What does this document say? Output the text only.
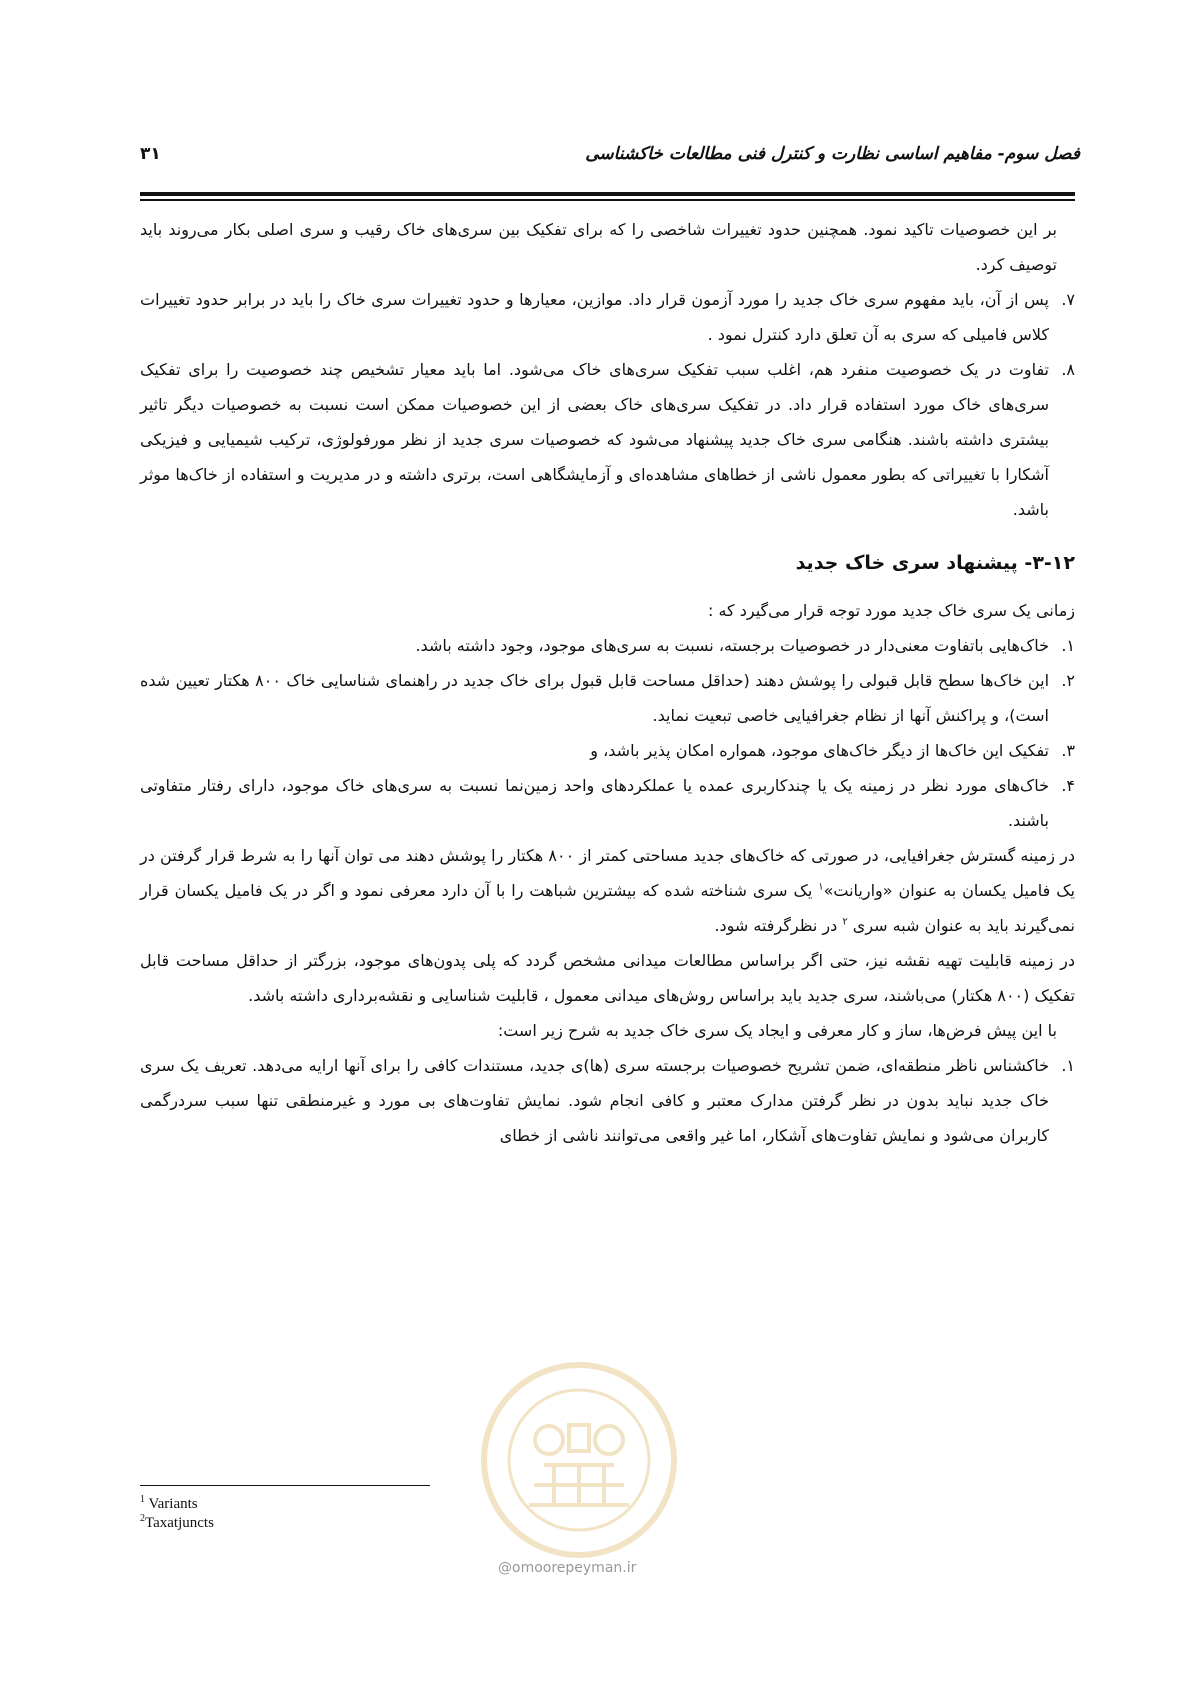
فصل سوم- مفاهیم اساسی نظارت و کنترل فنی مطالعات خاکشناسی
۳۱

بر این خصوصیات تاکید نمود. همچنین حدود تغییرات شاخصی را که برای تفکیک بین سری‌های خاک رقیب و سری اصلی بکار می‌روند باید توصیف کرد.

۷.
پس از آن، باید مفهوم سری خاک جدید را مورد آزمون قرار داد. موازین، معیارها و حدود تغییرات سری خاک را باید در برابر حدود تغییرات کلاس فامیلی که سری به آن تعلق دارد کنترل نمود .
۸.
تفاوت در یک خصوصیت منفرد هم، اغلب سبب تفکیک سری‌های خاک می‌شود. اما باید معیار تشخیص چند خصوصیت را برای تفکیک سری‌های خاک مورد استفاده قرار داد. در تفکیک سری‌های خاک بعضی از این خصوصیات ممکن است نسبت به خصوصیات دیگر تاثیر بیشتری داشته باشند. هنگامی سری خاک جدید پیشنهاد می‌شود که خصوصیات سری جدید از نظر مورفولوژی، ترکیب شیمیایی و فیزیکی آشکارا با تغییراتی که بطور معمول ناشی از خطاهای مشاهده‌ای و آزمایشگاهی است، برتری داشته و در مدیریت و استفاده از خاک‌ها موثر باشد.
۳-۱۲- پیشنهاد سری خاک جدید

زمانی یک سری خاک جدید مورد توجه قرار می‌گیرد که :

۱.
خاک‌هایی باتفاوت معنی‌دار در خصوصیات برجسته، نسبت به سری‌های موجود، وجود داشته باشد.
۲.
این خاک‌ها سطح قابل قبولی را پوشش دهند (حداقل مساحت قابل قبول برای خاک جدید در راهنمای شناسایی خاک ۸۰۰ هکتار تعیین شده است)، و پراکنش آنها از نظام جغرافیایی خاصی تبعیت نماید.
۳.
تفکیک این خاک‌ها از دیگر خاک‌های موجود، همواره امکان پذیر باشد، و
۴.
خاک‌های مورد نظر در زمینه یک یا چندکاربری عمده یا عملکردهای واحد زمین‌نما نسبت به سری‌های خاک موجود، دارای رفتار متفاوتی باشند.

در زمینه گسترش جغرافیایی، در صورتی که خاک‌های جدید مساحتی کمتر از ۸۰۰ هکتار را پوشش دهند می توان آنها را به شرط قرار گرفتن در یک فامیل یکسان به عنوان «واریانت»$^۱$ یک سری شناخته شده که بیشترین شباهت را با آن دارد معرفی نمود و اگر در یک فامیل یکسان قرار نمی‌گیرند باید به عنوان شبه سری $^۲$ در نظرگرفته شود.

در زمینه قابلیت تهیه نقشه نیز، حتی اگر براساس مطالعات میدانی مشخص گردد که پلی پدون‌های موجود، بزرگتر از حداقل مساحت قابل تفکیک (۸۰۰ هکتار) می‌باشند، سری جدید باید براساس روش‌های میدانی معمول ، قابلیت شناسایی و نقشه‌برداری داشته باشد.

با این پیش فرض‌ها، ساز و کار معرفی و ایجاد یک سری خاک جدید به شرح زیر است:

۱.
خاکشناس ناظر منطقه‌ای، ضمن تشریح خصوصیات برجسته سری (ها)ی جدید، مستندات کافی را برای آنها ارایه می‌دهد. تعریف یک سری خاک جدید نباید بدون در نظر گرفتن مدارک معتبر و کافی انجام شود. نمایش تفاوت‌های بی مورد و غیرمنطقی تنها سبب سردرگمی کاربران می‌شود و نمایش تفاوت‌های آشکار، اما غیر واقعی می‌توانند ناشی از خطای
@omoorepeyman.ir
$^1$ Variants
$^2$Taxatjuncts
